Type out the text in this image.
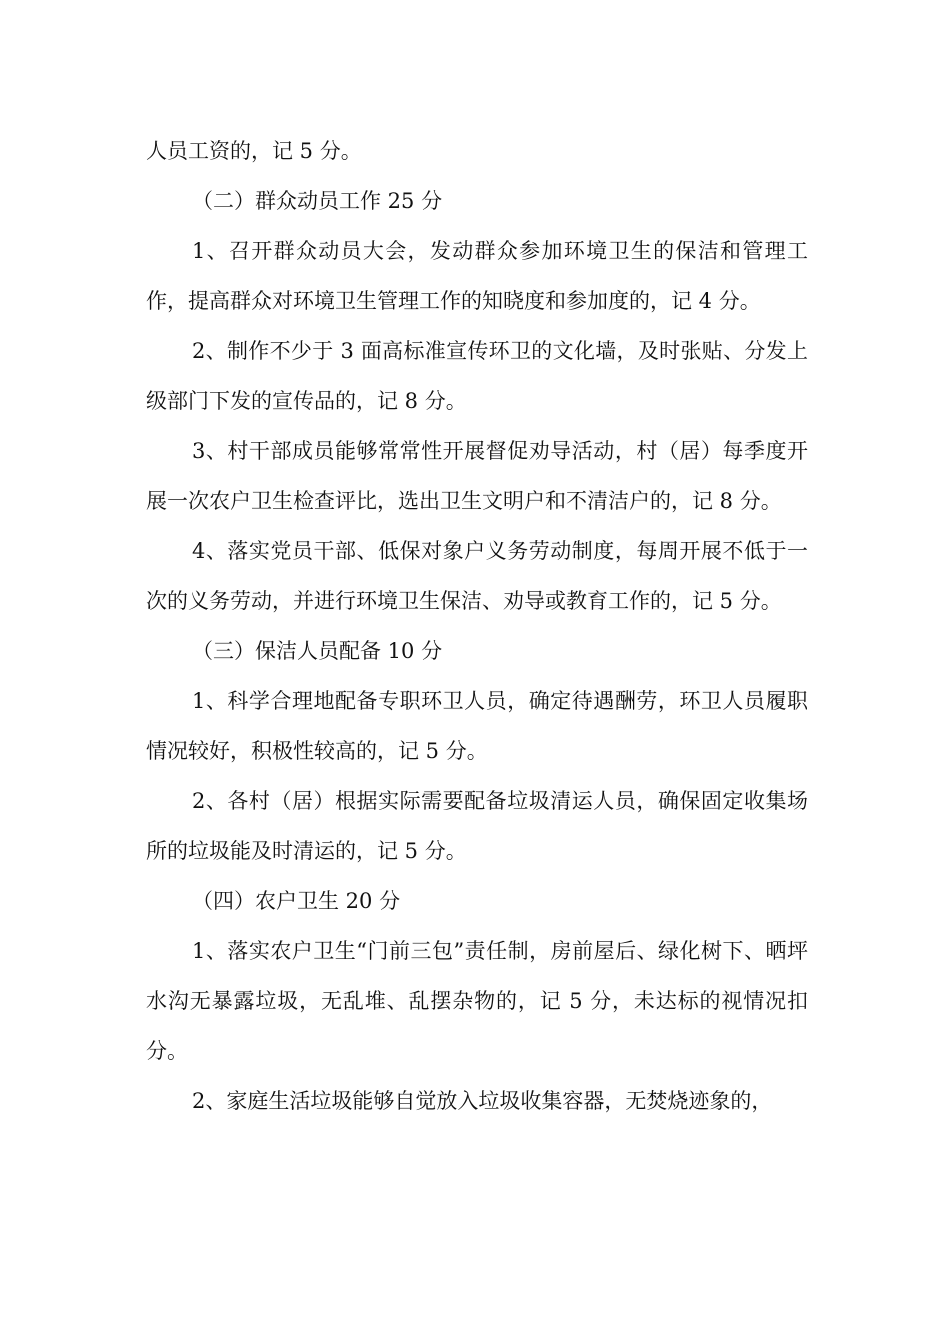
人员工资的，记 5 分。

（二）群众动员工作 25 分

1、召开群众动员大会，发动群众参加环境卫生的保洁和管理工作，提高群众对环境卫生管理工作的知晓度和参加度的，记 4 分。

2、制作不少于 3 面高标准宣传环卫的文化墙，及时张贴、分发上级部门下发的宣传品的，记 8 分。

3、村干部成员能够常常性开展督促劝导活动，村（居）每季度开展一次农户卫生检查评比，选出卫生文明户和不清洁户的，记 8 分。

4、落实党员干部、低保对象户义务劳动制度，每周开展不低于一次的义务劳动，并进行环境卫生保洁、劝导或教育工作的，记 5 分。

（三）保洁人员配备 10 分

1、科学合理地配备专职环卫人员，确定待遇酬劳，环卫人员履职情况较好，积极性较高的，记 5 分。

2、各村（居）根据实际需要配备垃圾清运人员，确保固定收集场所的垃圾能及时清运的，记 5 分。

（四）农户卫生 20 分

1、落实农户卫生“门前三包”责任制，房前屋后、绿化树下、晒坪水沟无暴露垃圾，无乱堆、乱摆杂物的，记 5 分，未达标的视情况扣分。

2、家庭生活垃圾能够自觉放入垃圾收集容器，无焚烧迹象的，
